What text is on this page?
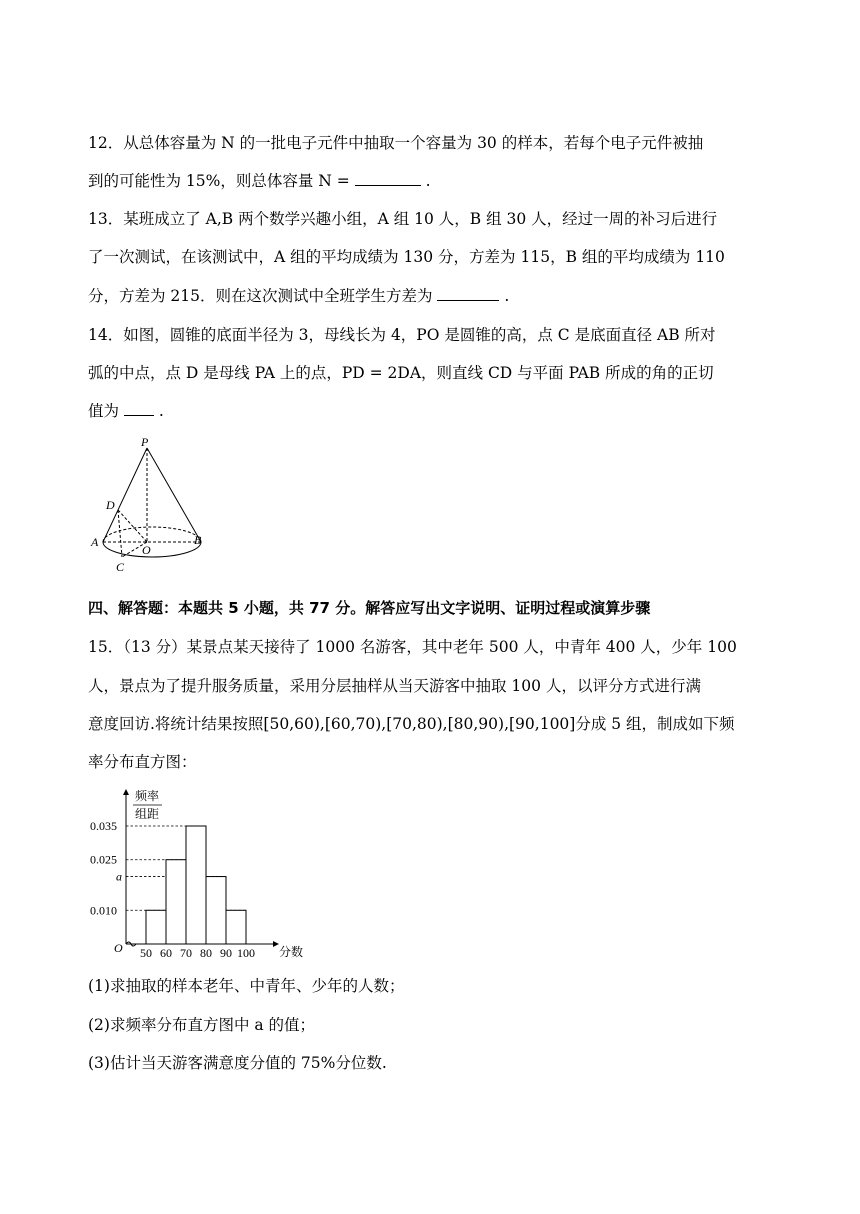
12．从总体容量为 N 的一批电子元件中抽取一个容量为 30 的样本，若每个电子元件被抽
到的可能性为 15%，则总体容量 N =	.
13．某班成立了 A,B 两个数学兴趣小组，A 组 10 人，B 组 30 人，经过一周的补习后进行
了一次测试，在该测试中，A 组的平均成绩为 130 分，方差为 115，B 组的平均成绩为 110
分，方差为 215．则在这次测试中全班学生方差为	.
14．如图，圆锥的底面半径为 3，母线长为 4，PO 是圆锥的高，点 C 是底面直径 AB 所对
弧的中点，点 D 是母线 PA 上的点，PD = 2DA，则直线 CD 与平面 PAB 所成的角的正切
值为	.
P
D
A
O
B
C
四、解答题：本题共 5 小题，共 77 分。解答应写出文字说明、证明过程或演算步骤
15．（13 分）某景点某天接待了 1000 名游客，其中老年 500 人，中青年 400 人，少年 100
人，景点为了提升服务质量，采用分层抽样从当天游客中抽取 100 人，以评分方式进行满
意度回访.将统计结果按照[50,60),[60,70),[70,80),[80,90),[90,100]分成 5 组，制成如下频
率分布直方图：
频率
组距
分数
O
0.035
0.025
a
0.010
50 60 70 80 90 100
(1)求抽取的样本老年、中青年、少年的人数；
(2)求频率分布直方图中 a 的值；
(3)估计当天游客满意度分值的 75%分位数.
